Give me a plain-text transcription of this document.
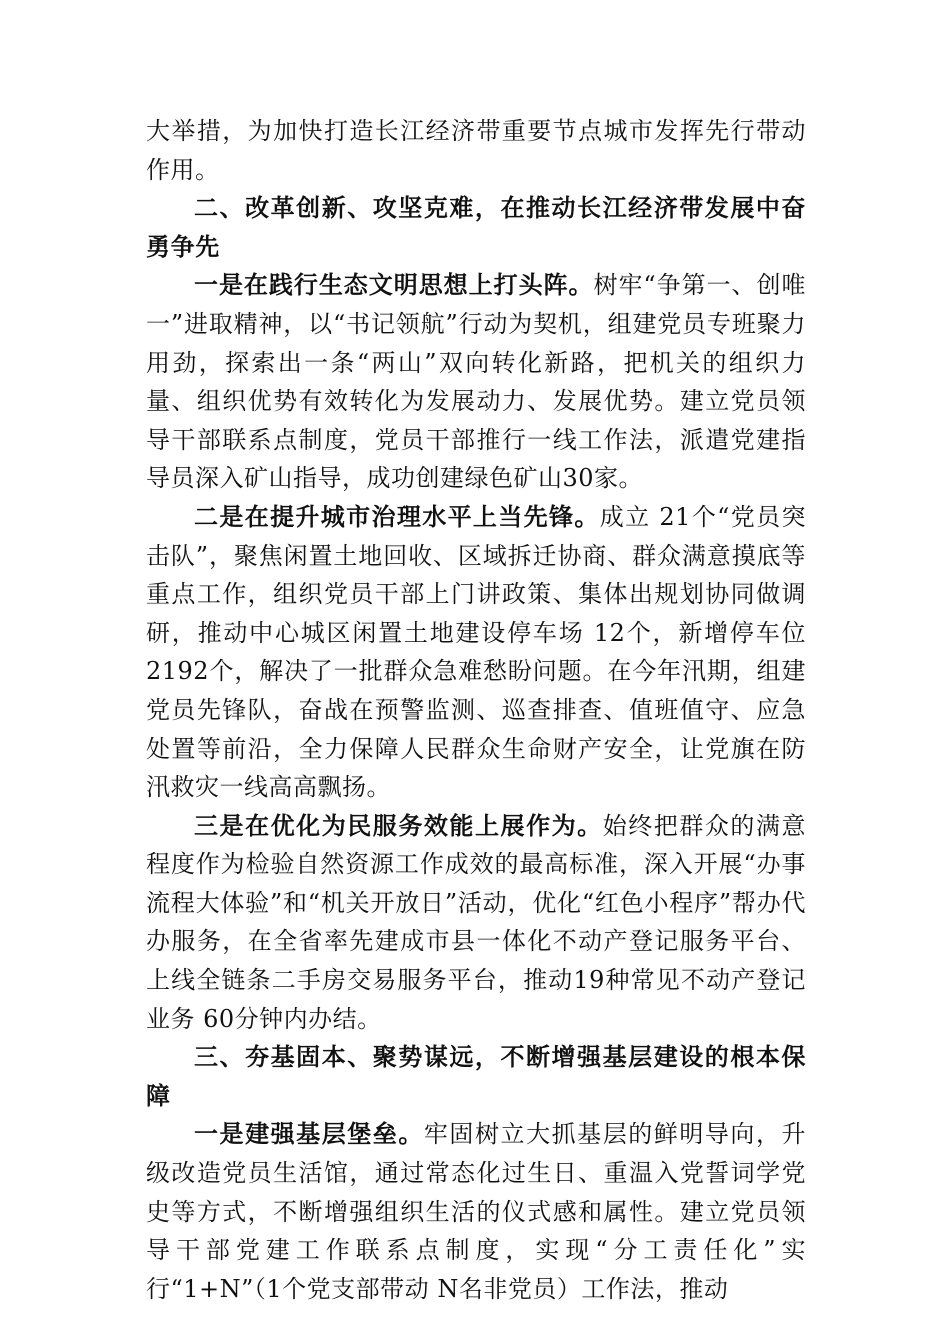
大举措，为加快打造长江经济带重要节点城市发挥先行带动作用。

二、改革创新、攻坚克难，在推动长江经济带发展中奋勇争先

一是在践行生态文明思想上打头阵。树牢“争第一、创唯一”进取精神，以“书记领航”行动为契机，组建党员专班聚力用劲，探索出一条“两山”双向转化新路，把机关的组织力量、组织优势有效转化为发展动力、发展优势。建立党员领导干部联系点制度，党员干部推行一线工作法，派遣党建指导员深入矿山指导，成功创建绿色矿山30家。

二是在提升城市治理水平上当先锋。成立 21个“党员突击队”，聚焦闲置土地回收、区域拆迁协商、群众满意摸底等重点工作，组织党员干部上门讲政策、集体出规划协同做调研，推动中心城区闲置土地建设停车场 12个，新增停车位 2192个，解决了一批群众急难愁盼问题。在今年汛期，组建党员先锋队，奋战在预警监测、巡查排查、值班值守、应急处置等前沿，全力保障人民群众生命财产安全，让党旗在防汛救灾一线高高飘扬。

三是在优化为民服务效能上展作为。始终把群众的满意程度作为检验自然资源工作成效的最高标准，深入开展“办事流程大体验”和“机关开放日”活动，优化“红色小程序”帮办代办服务，在全省率先建成市县一体化不动产登记服务平台、上线全链条二手房交易服务平台，推动19种常见不动产登记业务 60分钟内办结。

三、夯基固本、聚势谋远，不断增强基层建设的根本保障

一是建强基层堡垒。牢固树立大抓基层的鲜明导向，升级改造党员生活馆，通过常态化过生日、重温入党誓词学党史等方式，不断增强组织生活的仪式感和属性。建立党员领导干部党建工作联系点制度，实现“分工责任化”实行“1+N”（1个党支部带动 N名非党员）工作法，推动
